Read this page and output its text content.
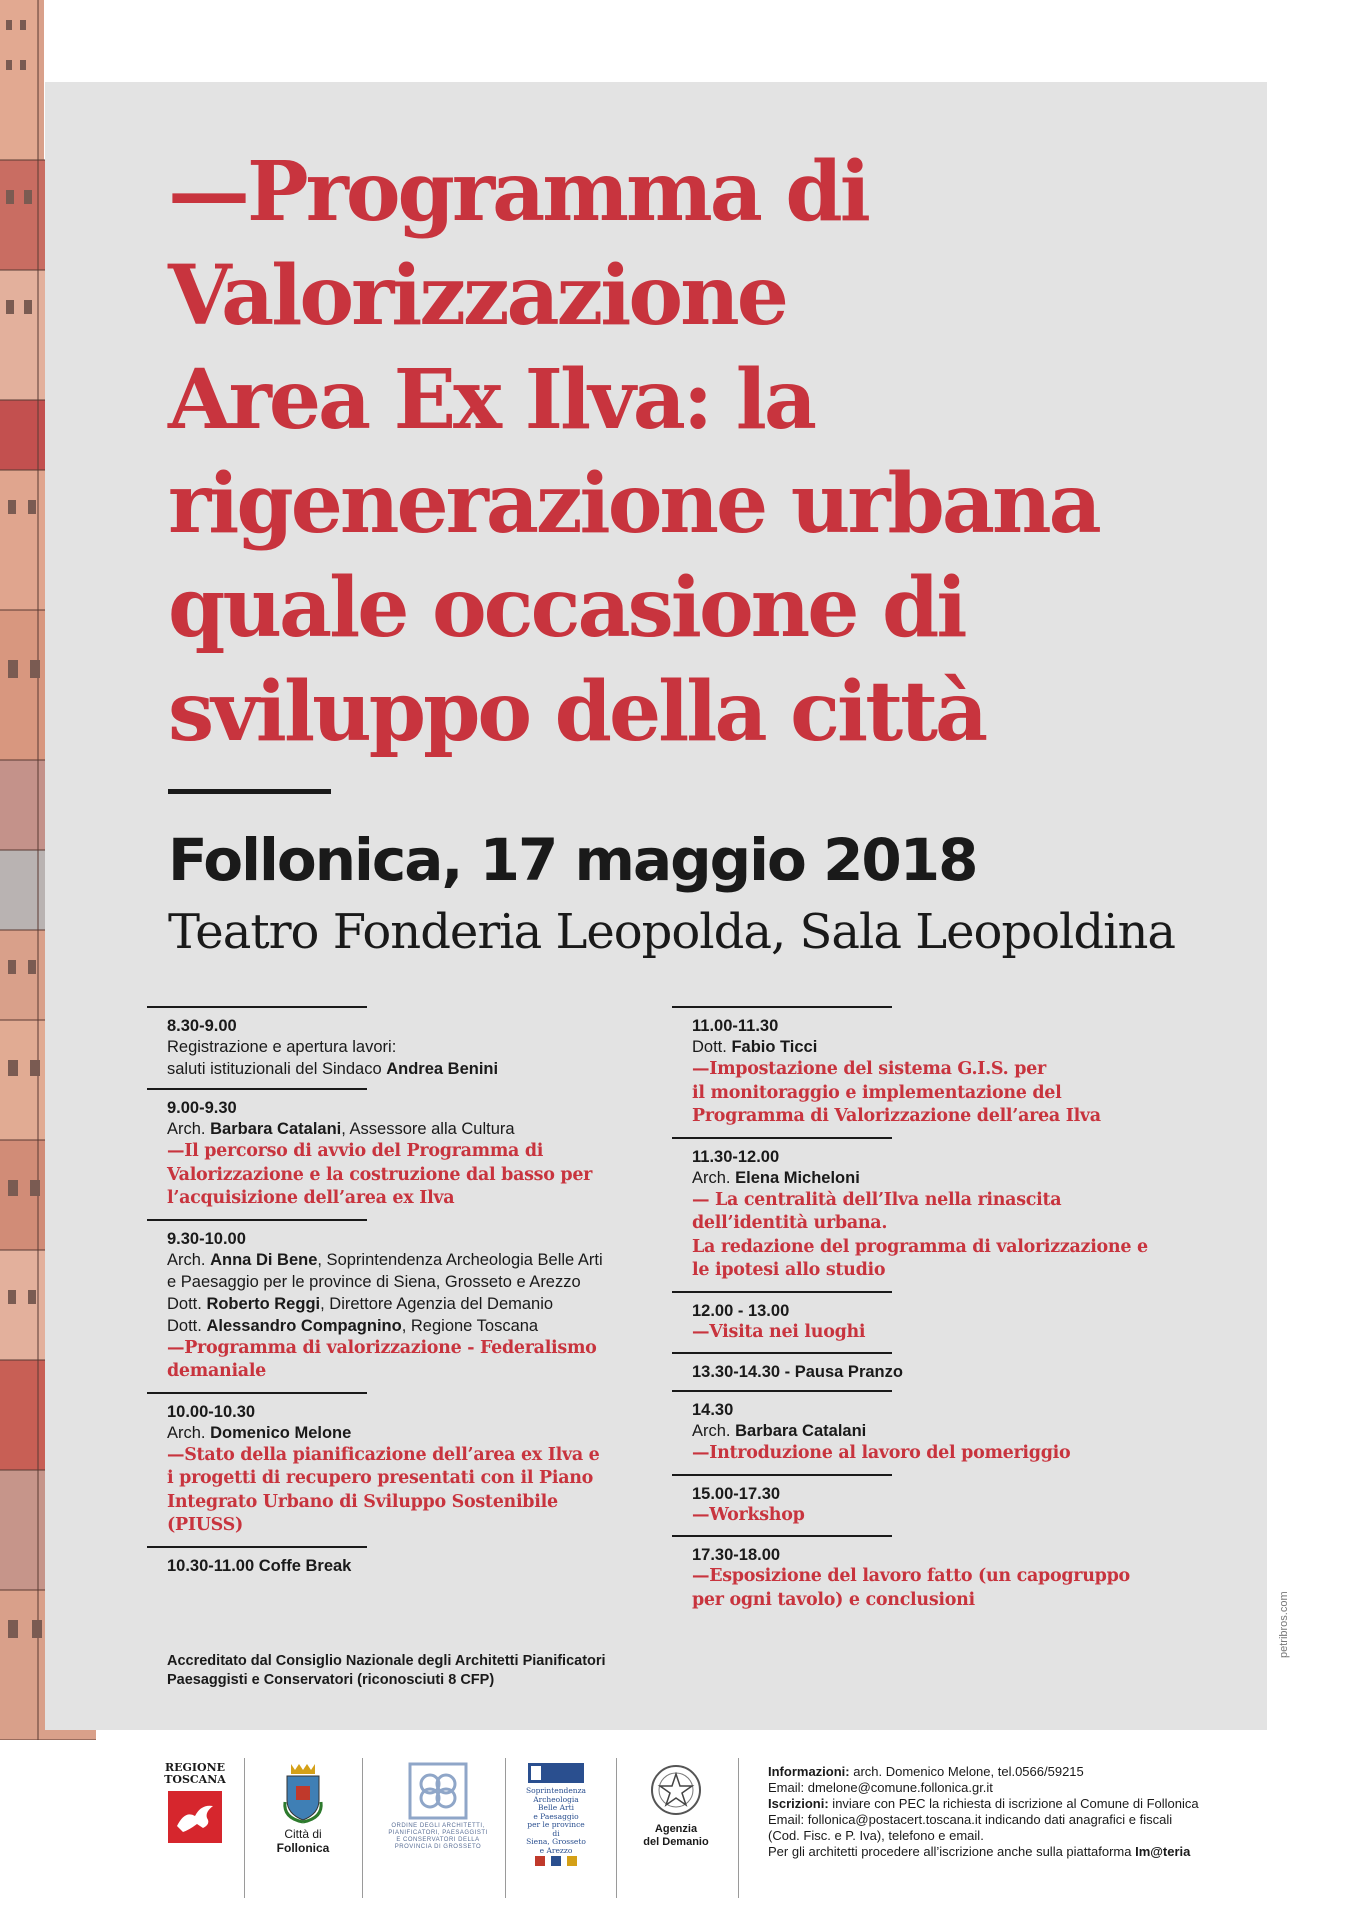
—Programma di
Valorizzazione
Area Ex Ilva: la
rigenerazione urbana
quale occasione di
sviluppo della città
Follonica, 17 maggio 2018
Teatro Fonderia Leopolda, Sala Leopoldina
8.30-9.00
Registrazione e apertura lavori:
saluti istituzionali del Sindaco Andrea Benini
9.00-9.30
Arch. Barbara Catalani, Assessore alla Cultura
—Il percorso di avvio del Programma di
Valorizzazione e la costruzione dal basso per
l’acquisizione dell’area ex Ilva
9.30-10.00
Arch. Anna Di Bene, Soprintendenza Archeologia Belle Arti
e Paesaggio per le province di Siena, Grosseto e Arezzo
Dott. Roberto Reggi, Direttore Agenzia del Demanio
Dott. Alessandro Compagnino, Regione Toscana
—Programma di valorizzazione - Federalismo
demaniale
10.00-10.30
Arch. Domenico Melone
—Stato della pianificazione dell’area ex Ilva e
i progetti di recupero presentati con il Piano
Integrato Urbano di Sviluppo Sostenibile
(PIUSS)
10.30-11.00 Coffe Break
11.00-11.30
Dott. Fabio Ticci
—Impostazione del sistema G.I.S. per
il monitoraggio e implementazione del
Programma di Valorizzazione dell’area Ilva
11.30-12.00
Arch. Elena Micheloni
— La centralità dell’Ilva nella rinascita
dell’identità urbana.
La redazione del programma di valorizzazione e
le ipotesi allo studio
12.00 - 13.00
—Visita nei luoghi
13.30-14.30 - Pausa Pranzo
14.30
Arch. Barbara Catalani
—Introduzione al lavoro del pomeriggio
15.00-17.30
—Workshop
17.30-18.00
—Esposizione del lavoro fatto (un capogruppo
per ogni tavolo) e conclusioni
Accreditato dal Consiglio Nazionale degli Architetti Pianificatori
Paesaggisti e Conservatori (riconosciuti 8 CFP)
petribros.com
REGIONE
TOSCANA
Città di
Follonica
ORDINE DEGLI ARCHITETTI,
PIANIFICATORI, PAESAGGISTI
E CONSERVATORI DELLA
PROVINCIA DI GROSSETO
Soprintendenza
Archeologia
Belle Arti
e Paesaggio
per le province di
Siena, Grosseto
e Arezzo
Agenzia
del Demanio
Informazioni: arch. Domenico Melone, tel.0566/59215
Email: dmelone@comune.follonica.gr.it
Iscrizioni: inviare con PEC la richiesta di iscrizione al Comune di Follonica
Email: follonica@postacert.toscana.it indicando dati anagrafici e fiscali
(Cod. Fisc. e P. Iva), telefono e email.
Per gli architetti procedere all’iscrizione anche sulla piattaforma Im@teria
